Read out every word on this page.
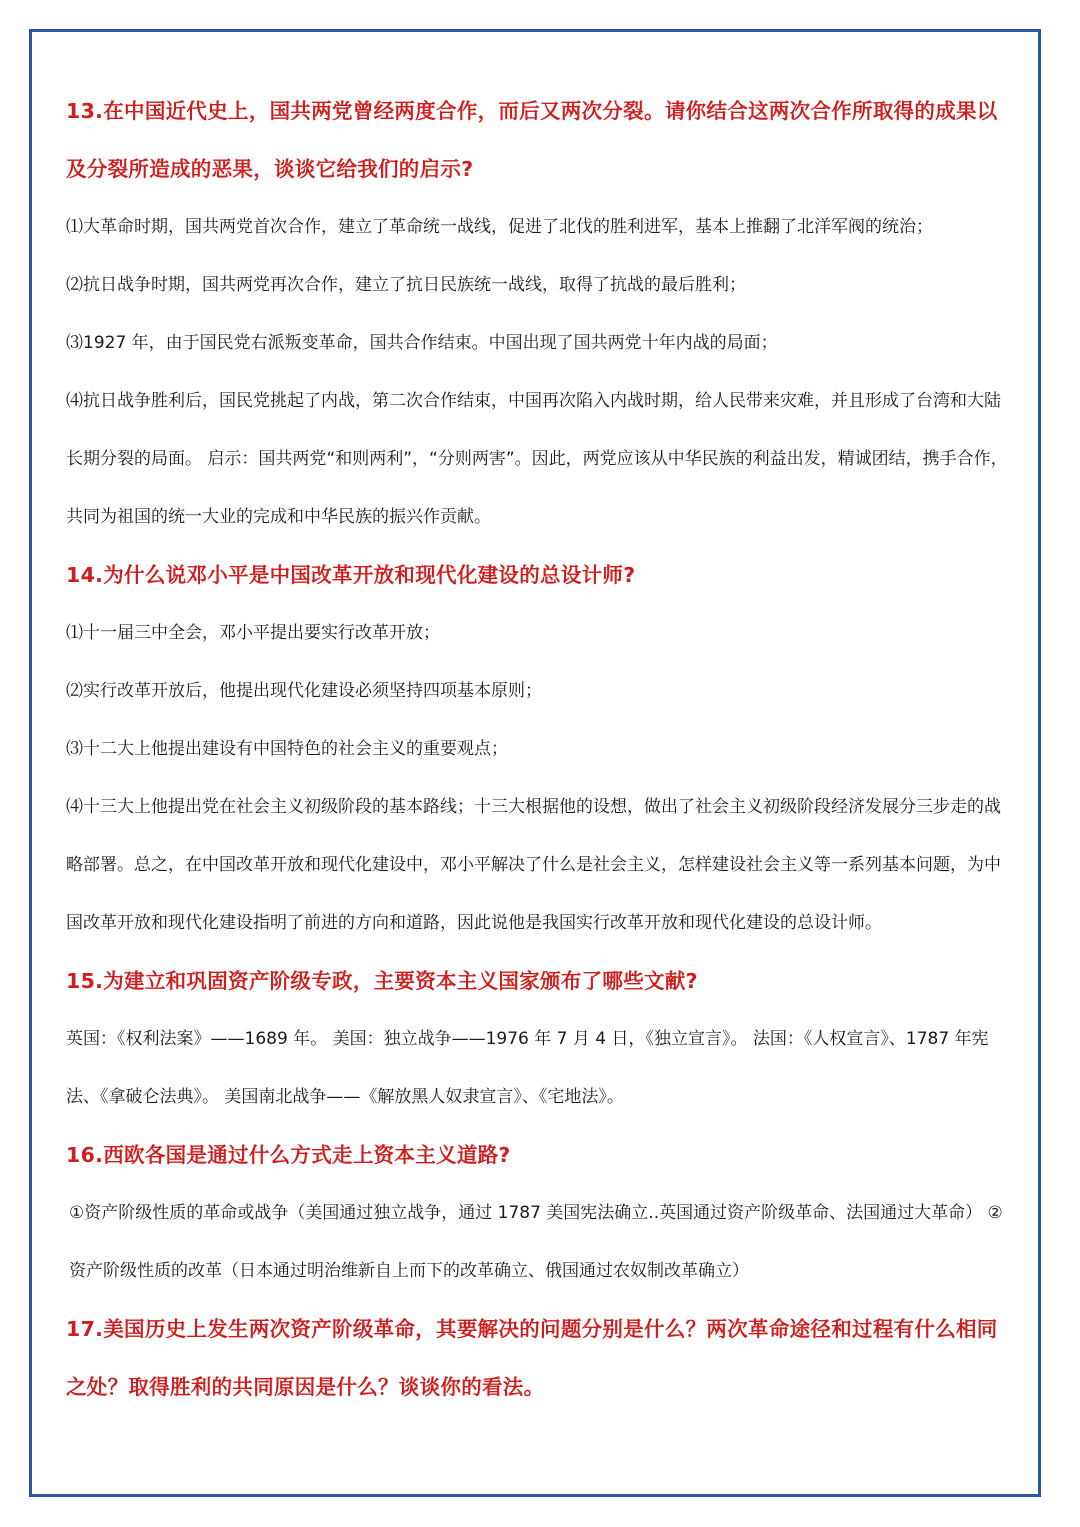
13.在中国近代史上，国共两党曾经两度合作，而后又两次分裂。请你结合这两次合作所取得的成果以及分裂所造成的恶果，谈谈它给我们的启示?

⑴大革命时期，国共两党首次合作，建立了革命统一战线，促进了北伐的胜利进军，基本上推翻了北洋军阀的统治；

⑵抗日战争时期，国共两党再次合作，建立了抗日民族统一战线，取得了抗战的最后胜利；

⑶1927 年，由于国民党右派叛变革命，国共合作结束。中国出现了国共两党十年内战的局面；

⑷抗日战争胜利后，国民党挑起了内战，第二次合作结束，中国再次陷入内战时期，给人民带来灾难，并且形成了台湾和大陆长期分裂的局面。 启示：国共两党“和则两利”，“分则两害”。因此，两党应该从中华民族的利益出发，精诚团结，携手合作，共同为祖国的统一大业的完成和中华民族的振兴作贡献。

14.为什么说邓小平是中国改革开放和现代化建设的总设计师?

⑴十一届三中全会，邓小平提出要实行改革开放；

⑵实行改革开放后，他提出现代化建设必须坚持四项基本原则；

⑶十二大上他提出建设有中国特色的社会主义的重要观点；

⑷十三大上他提出党在社会主义初级阶段的基本路线；十三大根据他的设想，做出了社会主义初级阶段经济发展分三步走的战略部署。总之，在中国改革开放和现代化建设中，邓小平解决了什么是社会主义，怎样建设社会主义等一系列基本问题，为中国改革开放和现代化建设指明了前进的方向和道路，因此说他是我国实行改革开放和现代化建设的总设计师。

15.为建立和巩固资产阶级专政，主要资本主义国家颁布了哪些文献?

英国：《权利法案》——1689 年。 美国：独立战争——1976 年 7 月 4 日，《独立宣言》。 法国：《人权宣言》、1787 年宪法、《拿破仑法典》。 美国南北战争——《解放黑人奴隶宣言》、《宅地法》。

16.西欧各国是通过什么方式走上资本主义道路?

①资产阶级性质的革命或战争（美国通过独立战争，通过 1787 美国宪法确立..英国通过资产阶级革命、法国通过大革命） ②资产阶级性质的改革（日本通过明治维新自上而下的改革确立、俄国通过农奴制改革确立）

17.美国历史上发生两次资产阶级革命，其要解决的问题分别是什么？两次革命途径和过程有什么相同之处？取得胜利的共同原因是什么？谈谈你的看法。
